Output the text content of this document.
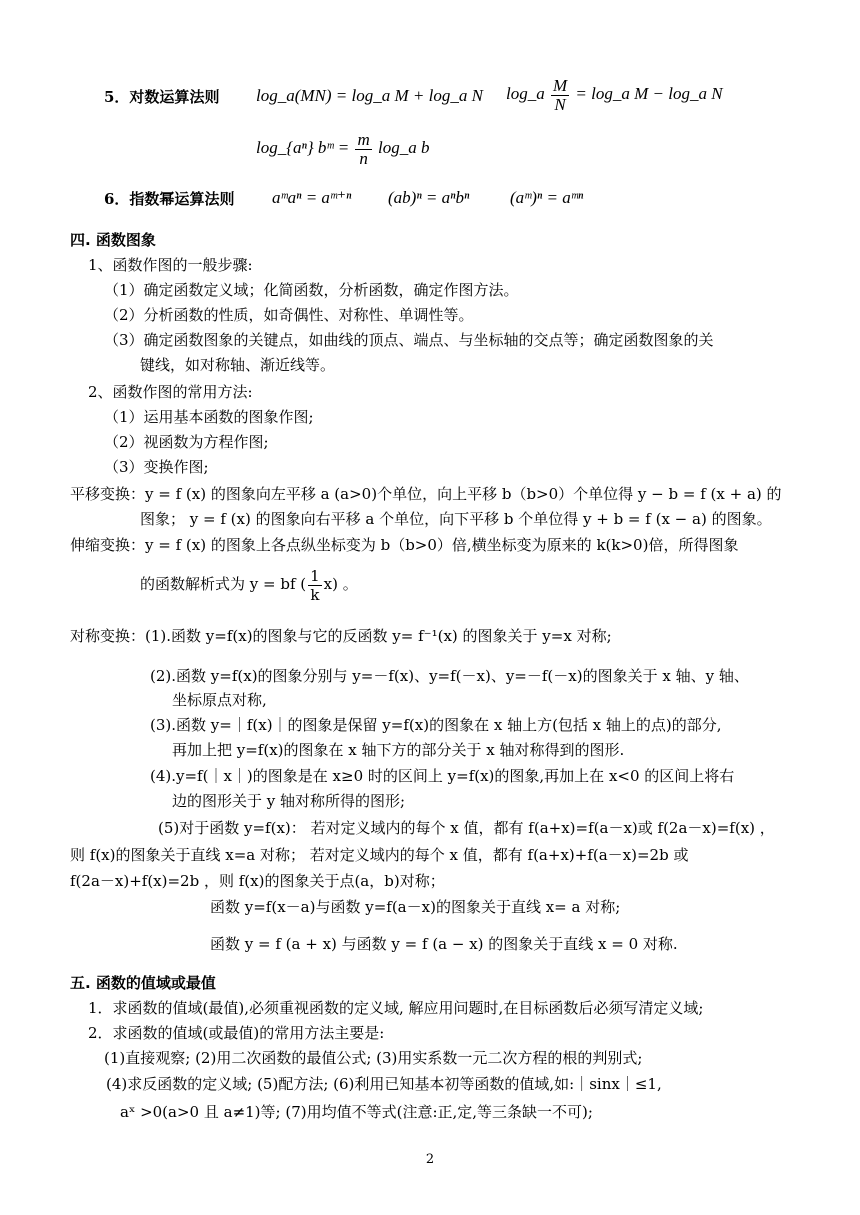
5．对数运算法则 log_a(MN) = log_a M + log_a N log_a $\frac{M}{N}$ = log_a M − log_a N
log_{aⁿ} bᵐ = $\frac{m}{n}$ log_a b
6．指数幂运算法则 aᵐaⁿ = aᵐ⁺ⁿ (ab)ⁿ = aⁿbⁿ (aᵐ)ⁿ = aᵐⁿ
四. 函数图象
1、函数作图的一般步骤:
（1）确定函数定义域；化简函数，分析函数，确定作图方法。
（2）分析函数的性质，如奇偶性、对称性、单调性等。
（3）确定函数图象的关键点，如曲线的顶点、端点、与坐标轴的交点等；确定函数图象的关
键线，如对称轴、渐近线等。
2、函数作图的常用方法:
（1）运用基本函数的图象作图;
（2）视函数为方程作图;
（3）变换作图;
平移变换：y = f (x) 的图象向左平移 a (a>0)个单位，向上平移 b（b>0）个单位得 y − b = f (x + a) 的
图象； y = f (x) 的图象向右平移 a 个单位，向下平移 b 个单位得 y + b = f (x − a) 的图象。
伸缩变换：y = f (x) 的图象上各点纵坐标变为 b（b>0）倍,横坐标变为原来的 k(k>0)倍，所得图象
的函数解析式为 y = bf ( $\frac{1}{k} x$) 。
对称变换：(1).函数 y=f(x)的图象与它的反函数 y= f⁻¹(x) 的图象关于 y=x 对称;
(2).函数 y=f(x)的图象分别与 y=－f(x)、y=f(－x)、y=－f(－x)的图象关于 x 轴、y 轴、
坐标原点对称,
(3).函数 y=｜f(x)｜的图象是保留 y=f(x)的图象在 x 轴上方(包括 x 轴上的点)的部分,
再加上把 y=f(x)的图象在 x 轴下方的部分关于 x 轴对称得到的图形.
(4).y=f(｜x｜)的图象是在 x≥0 时的区间上 y=f(x)的图象,再加上在 x<0 的区间上将右
边的图形关于 y 轴对称所得的图形;
(5)对于函数 y=f(x)： 若对定义域内的每个 x 值，都有 f(a+x)=f(a－x)或 f(2a－x)=f(x) ，
则 f(x)的图象关于直线 x=a 对称； 若对定义域内的每个 x 值，都有 f(a+x)+f(a－x)=2b 或
f(2a－x)+f(x)=2b ，则 f(x)的图象关于点(a，b)对称；
函数 y=f(x－a)与函数 y=f(a－x)的图象关于直线 x= a 对称;
函数 y = f (a + x) 与函数 y = f (a − x) 的图象关于直线 x = 0 对称.
五. 函数的值域或最值
1．求函数的值域(最值),必须重视函数的定义域, 解应用问题时,在目标函数后必须写清定义域;
2．求函数的值域(或最值)的常用方法主要是:
(1)直接观察; (2)用二次函数的最值公式; (3)用实系数一元二次方程的根的判别式;
(4)求反函数的定义域; (5)配方法; (6)利用已知基本初等函数的值域,如:｜sinx｜≤1,
aˣ >0(a>0 且 a≠1)等; (7)用均值不等式(注意:正,定,等三条缺一不可);
2
